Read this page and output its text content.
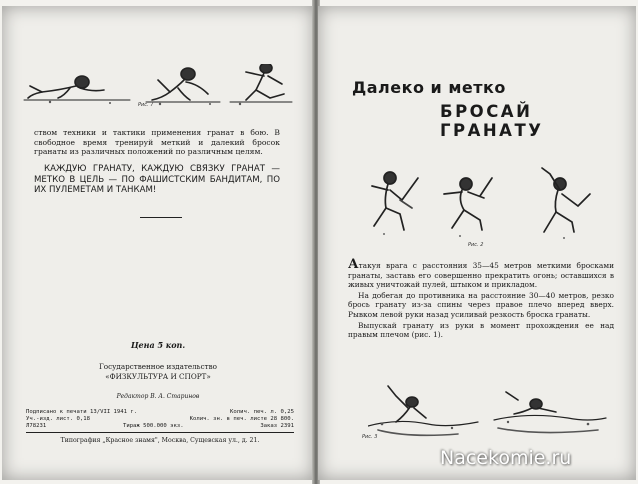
Рис. 7
ством техники и тактики применения гранат в бою. В свободное время тренируй меткий и далекий бросок гранаты из различных положений по различным целям.
КАЖДУЮ ГРАНАТУ, КАЖДУЮ СВЯЗКУ ГРАНАТ — МЕТКО В ЦЕЛЬ — ПО ФАШИСТСКИМ БАНДИТАМ, ПО ИХ ПУЛЕМЕТАМ И ТАНКАМ!
Цена 5 коп.
Государственное издательство
«ФИЗКУЛЬТУРА И СПОРТ»
Редактор В. А. Старинов
Подписано к печати 13/VII 1941 г.	Колич. печ. л. 0,25
Уч.-изд. лист. 0,18	Колич. зн. в печ. листе 28 800.
Л78231	Тираж 500.000 экз.	Заказ 2391
Типография „Красное знамя", Москва, Сущевская ул., д. 21.
Далеко и метко
БРОСАЙ ГРАНАТУ
Рис. 2

Атакуя врага с расстояния 35—45 метров меткими бросками гранаты, заставь его совершенно прекратить огонь; оставшихся в живых уничтожай пулей, штыком и прикладом.

На добегая до противника на расстояние 30—40 метров, резко брось гранату из-за спины через правое плечо вперед вверх. Рывком левой руки назад усиливай резкость броска гранаты.

Выпускай гранату из руки в момент прохождения ее над правым плечом (рис. 1).

Рис. 3
Nacekomie.ru
